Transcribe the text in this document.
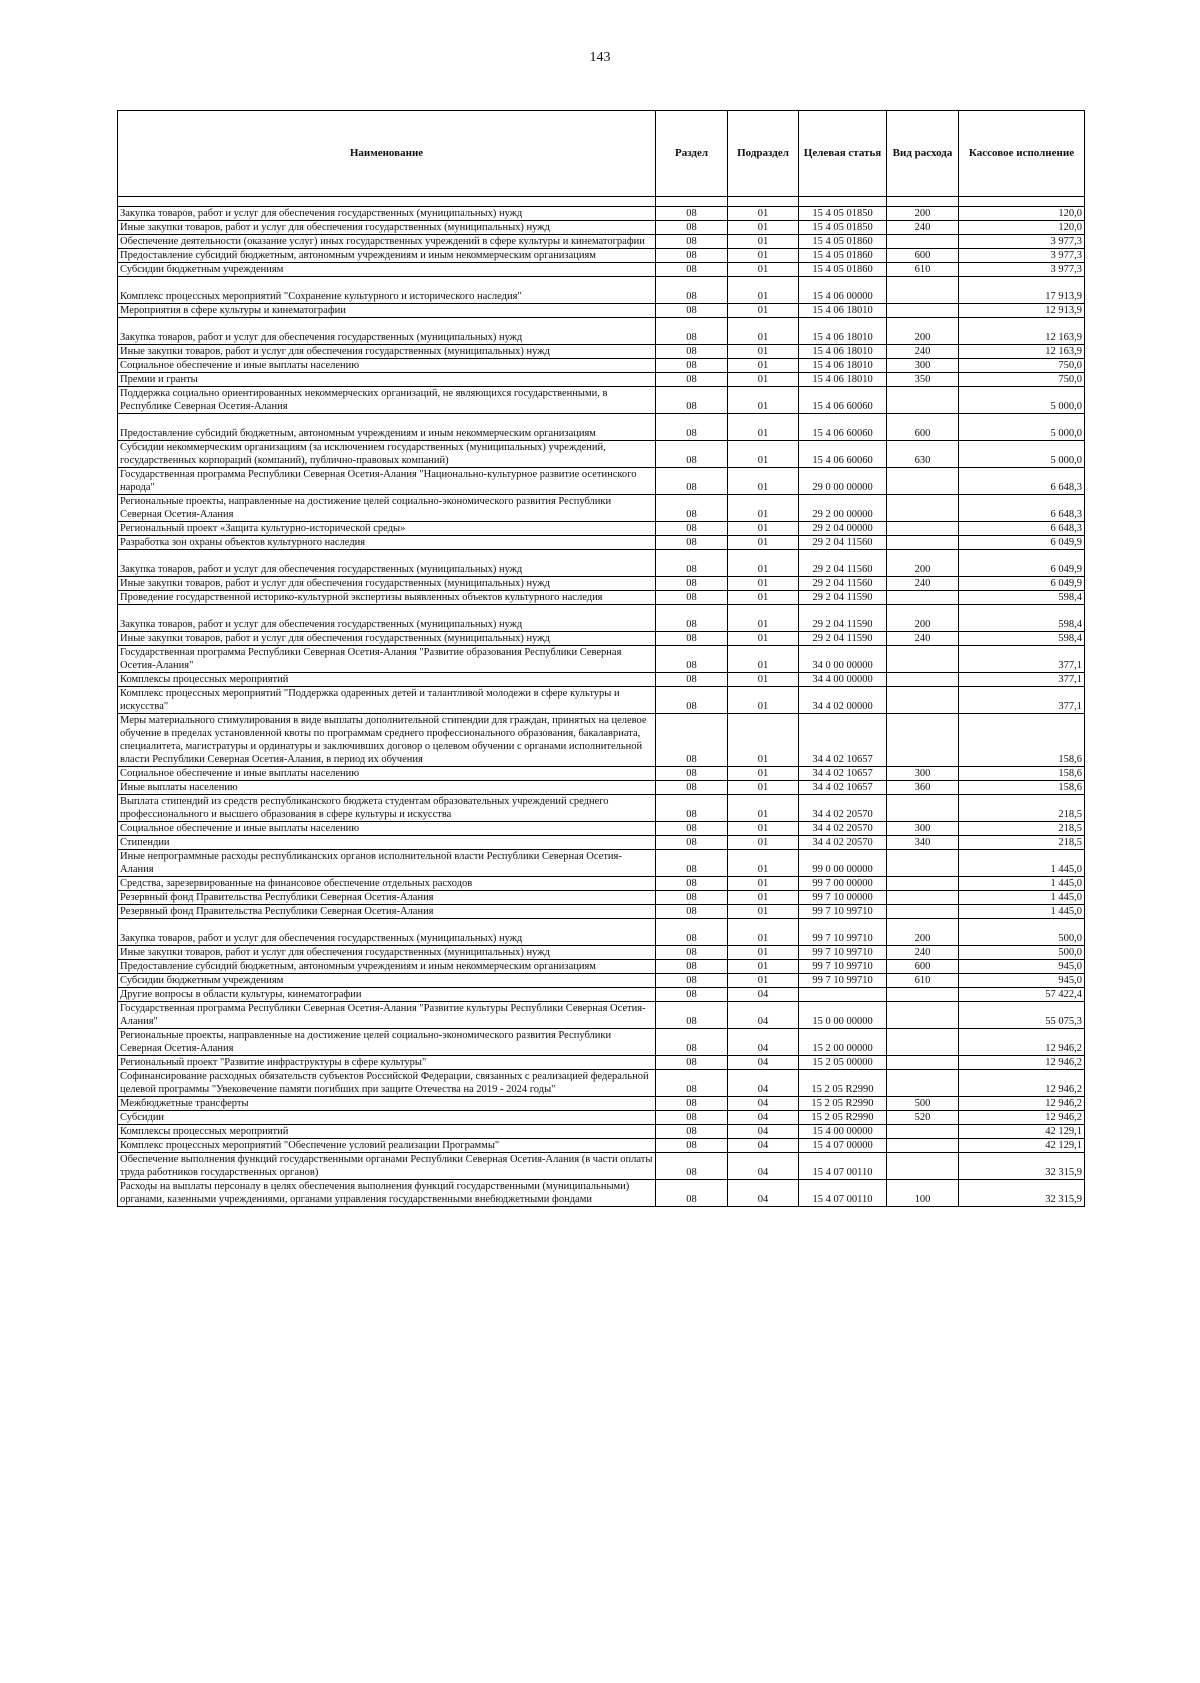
143
Наименование	Раздел	Подраздел	Целевая статья	Вид расхода	Кассовое исполнение

Закупка товаров, работ и услуг для обеспечения государственных (муниципальных) нужд	08	01	15 4 05 01850	200	120,0
Иные закупки товаров, работ и услуг для обеспечения государственных (муниципальных) нужд	08	01	15 4 05 01850	240	120,0
Обеспечение деятельности (оказание услуг) иных государственных учреждений в сфере культуры и кинематографии	08	01	15 4 05 01860		3 977,3
Предоставление субсидий бюджетным, автономным учреждениям и иным некоммерческим организациям	08	01	15 4 05 01860	600	3 977,3
Субсидии бюджетным учреждениям	08	01	15 4 05 01860	610	3 977,3
Комплекс процессных мероприятий "Сохранение культурного и исторического наследия"	08	01	15 4 06 00000		17 913,9
Мероприятия в сфере культуры и кинематографии	08	01	15 4 06 18010		12 913,9
Закупка товаров, работ и услуг для обеспечения государственных (муниципальных) нужд	08	01	15 4 06 18010	200	12 163,9
Иные закупки товаров, работ и услуг для обеспечения государственных (муниципальных) нужд	08	01	15 4 06 18010	240	12 163,9
Социальное обеспечение и иные выплаты населению	08	01	15 4 06 18010	300	750,0
Премии и гранты	08	01	15 4 06 18010	350	750,0
Поддержка социально ориентированных некоммерческих организаций, не являющихся государственными, в Республике Северная Осетия-Алания	08	01	15 4 06 60060		5 000,0
Предоставление субсидий бюджетным, автономным учреждениям и иным некоммерческим организациям	08	01	15 4 06 60060	600	5 000,0
Субсидии некоммерческим организациям (за исключением государственных (муниципальных) учреждений, государственных корпораций (компаний), публично-правовых компаний)	08	01	15 4 06 60060	630	5 000,0
Государственная программа Республики Северная Осетия-Алания "Национально-культурное развитие осетинского народа"	08	01	29 0 00 00000		6 648,3
Региональные проекты, направленные на достижение целей социально-экономического развития Республики Северная Осетия-Алания	08	01	29 2 00 00000		6 648,3
Региональный проект «Защита культурно-исторической среды»	08	01	29 2 04 00000		6 648,3
Разработка зон охраны объектов культурного наследия	08	01	29 2 04 11560		6 049,9
Закупка товаров, работ и услуг для обеспечения государственных (муниципальных) нужд	08	01	29 2 04 11560	200	6 049,9
Иные закупки товаров, работ и услуг для обеспечения государственных (муниципальных) нужд	08	01	29 2 04 11560	240	6 049,9
Проведение государственной историко-культурной экспертизы выявленных объектов культурного наследия	08	01	29 2 04 11590		598,4
Закупка товаров, работ и услуг для обеспечения государственных (муниципальных) нужд	08	01	29 2 04 11590	200	598,4
Иные закупки товаров, работ и услуг для обеспечения государственных (муниципальных) нужд	08	01	29 2 04 11590	240	598,4
Государственная программа Республики Северная Осетия-Алания "Развитие образования Республики Северная Осетия-Алания"	08	01	34 0 00 00000		377,1
Комплексы процессных мероприятий	08	01	34 4 00 00000		377,1
Комплекс процессных мероприятий "Поддержка одаренных детей и талантливой молодежи в сфере культуры и искусства"	08	01	34 4 02 00000		377,1
Меры материального стимулирования в виде выплаты дополнительной стипендии для граждан, принятых на целевое обучение в пределах установленной квоты по программам среднего профессионального образования, бакалавриата, специалитета, магистратуры и ординатуры и заключивших договор о целевом обучении с органами исполнительной власти Республики Северная Осетия-Алания, в период их обучения	08	01	34 4 02 10657		158,6
Социальное обеспечение и иные выплаты населению	08	01	34 4 02 10657	300	158,6
Иные выплаты населению	08	01	34 4 02 10657	360	158,6
Выплата стипендий из средств республиканского бюджета студентам образовательных учреждений среднего профессионального и высшего образования в сфере культуры и искусства	08	01	34 4 02 20570		218,5
Социальное обеспечение и иные выплаты населению	08	01	34 4 02 20570	300	218,5
Стипендии	08	01	34 4 02 20570	340	218,5
Иные непрограммные расходы республиканских органов исполнительной власти Республики Северная Осетия-Алания	08	01	99 0 00 00000		1 445,0
Средства, зарезервированные на финансовое обеспечение отдельных расходов	08	01	99 7 00 00000		1 445,0
Резервный фонд Правительства Республики Северная Осетия-Алания	08	01	99 7 10 00000		1 445,0
Резервный фонд Правительства Республики Северная Осетия-Алания	08	01	99 7 10 99710		1 445,0
Закупка товаров, работ и услуг для обеспечения государственных (муниципальных) нужд	08	01	99 7 10 99710	200	500,0
Иные закупки товаров, работ и услуг для обеспечения государственных (муниципальных) нужд	08	01	99 7 10 99710	240	500,0
Предоставление субсидий бюджетным, автономным учреждениям и иным некоммерческим организациям	08	01	99 7 10 99710	600	945,0
Субсидии бюджетным учреждениям	08	01	99 7 10 99710	610	945,0
Другие вопросы в области культуры, кинематографии	08	04			57 422,4
Государственная программа Республики Северная Осетия-Алания "Развитие культуры Республики Северная Осетия-Алания"	08	04	15 0 00 00000		55 075,3
Региональные проекты, направленные на достижение целей социально-экономического развития Республики Северная Осетия-Алания	08	04	15 2 00 00000		12 946,2
Региональный проект "Развитие инфраструктуры в сфере культуры"	08	04	15 2 05 00000		12 946,2
Софинансирование расходных обязательств субъектов Российской Федерации, связанных с реализацией федеральной целевой программы "Увековечение памяти погибших при защите Отечества на 2019 - 2024 годы"	08	04	15 2 05 R2990		12 946,2
Межбюджетные трансферты	08	04	15 2 05 R2990	500	12 946,2
Субсидии	08	04	15 2 05 R2990	520	12 946,2
Комплексы процессных мероприятий	08	04	15 4 00 00000		42 129,1
Комплекс процессных мероприятий "Обеспечение условий реализации Программы"	08	04	15 4 07 00000		42 129,1
Обеспечение выполнения функций государственными органами Республики Северная Осетия-Алания (в части оплаты труда работников государственных органов)	08	04	15 4 07 00110		32 315,9
Расходы на выплаты персоналу в целях обеспечения выполнения функций государственными (муниципальными) органами, казенными учреждениями, органами управления государственными внебюджетными фондами	08	04	15 4 07 00110	100	32 315,9
